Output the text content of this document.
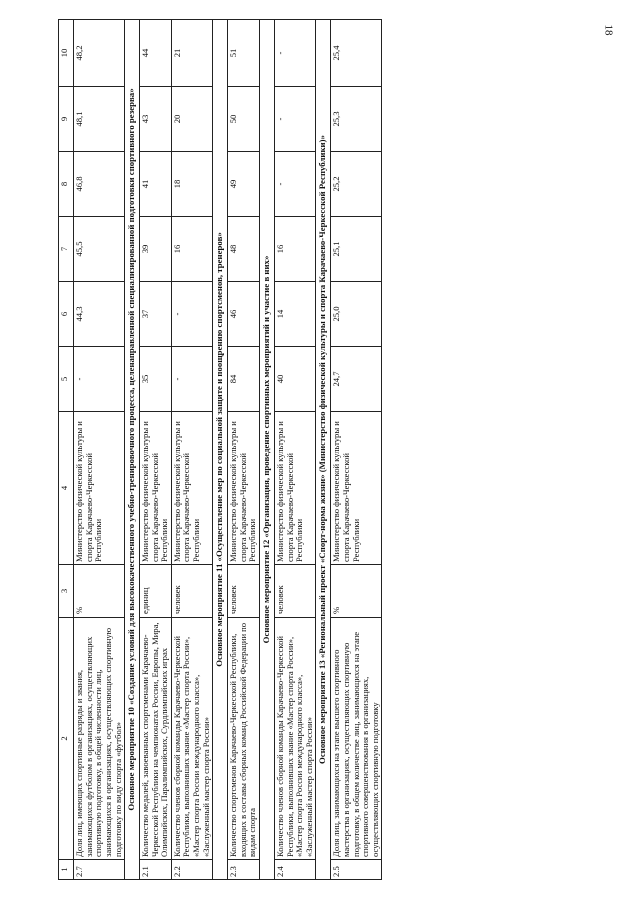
18
1	2	3	4	5	6	7	8	9	10
2.7	Доля лиц, имеющих спортивные разряды и звания, занимающихся футболом в организациях, осуществляющих спортивную подготовку, в общей численности лиц, занимающихся в организациях, осуществляющих спортивную подготовку по виду спорта «футбол»	%	Министерство физической культуры и спорта Карачаево-Черкесской Республики	-	44,3	45,5	46,8	48,1	48,2
Основное мероприятие 10 «Создание условий для высококачественного учебно-тренировочного процесса, целенаправленной специализированной подготовки спортивного резерва»									
2.1	Количество медалей, завоеванных спортсменами Карачаево-Черкесской Республики на чемпионатах России, Европы, Мира, Олимпийских, Паралимпийских, Сурдлимпийских играх	единиц	Министерство физической культуры и спорта Карачаево-Черкесской Республики	35	37	39	41	43	44
2.2	Количество членов сборной команды Карачаево-Черкесской Республики, выполнивших звание «Мастер спорта России», «Мастер спорта России международного класса», «Заслуженный мастер спорта России»	человек	Министерство физической культуры и спорта Карачаево-Черкесской Республики	-	-	16	18	20	21
Основное мероприятие 11 «Осуществление мер по социальной защите и поощрению спортсменов, тренеров»									
2.3	Количество спортсменов Карачаево-Черкесской Республики, входящих в составы сборных команд Российской Федерации по видам спорта	человек	Министерство физической культуры и спорта Карачаево-Черкесской Республики	84	46	48	49	50	51
Основное мероприятие 12 «Организация, проведение спортивных мероприятий и участие в них»									
2.4	Количество членов сборной команды Карачаево-Черкесской Республики, выполнивших звание «Мастер спорта России», «Мастер спорта России международного класса», «Заслуженный мастер спорта России»	человек	Министерство физической культуры и спорта Карачаево-Черкесской Республики	40	14	16	-	-	-
Основное мероприятие 13 «Региональный проект «Спорт-норма жизни» (Министерство физической культуры и спорта Карачаево-Черкесской Республики)»									
2.5	Доля лиц, занимающихся на этапе высшего спортивного мастерства в организациях, осуществляющих спортивную подготовку, в общем количестве лиц, занимающихся на этапе спортивного совершенствования в организациях, осуществляющих спортивную подготовку	%	Министерство физической культуры и спорта Карачаево-Черкесской Республики	24,7	25,0	25,1	25,2	25,3	25,4
